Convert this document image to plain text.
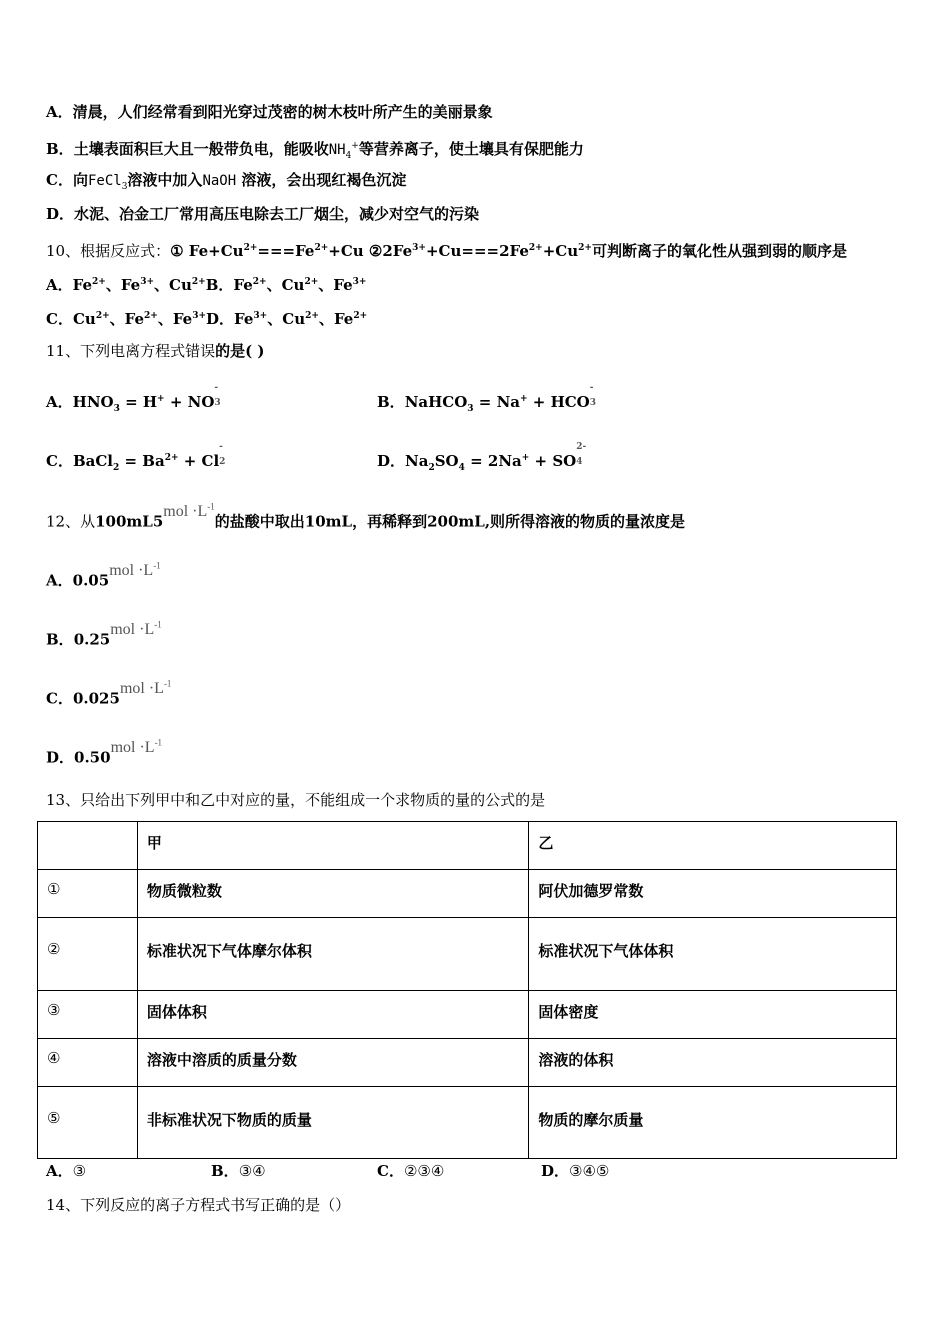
A．清晨，人们经常看到阳光穿过茂密的树木枝叶所产生的美丽景象
B．土壤表面积巨大且一般带负电，能吸收$NH_4^+$等营养离子，使土壤具有保肥能力
C．向FeCl$_3$溶液中加入NaOH 溶液，会出现红褐色沉淀
D．水泥、冶金工厂常用高压电除去工厂烟尘，减少对空气的污染
10、根据反应式：① $Fe+Cu^{2+}===Fe^{2+}+Cu$ $②2Fe^{3+}+Cu===2Fe^{2+}+Cu^{2+}$可判断离子的氧化性从强到弱的顺序是
A．$Fe^{2+}$、$Fe^{3+}$、$Cu^{2+}B$．$Fe^{2+}$、$Cu^{2+}$、$Fe^{3+}$
C．$Cu^{2+}$、$Fe^{2+}$、$Fe^{3+}D$．$Fe^{3+}$、$Cu^{2+}$、$Fe^{2+}$
11、下列电离方程式错误的是( )
A．$HNO_3 = H^+$ + NO
-
3	B．NaHCO$_3$ = Na+ + HCO
-
3
C．BaCl$_2$ = $Ba^{2+} + Cl$
-
2	D．$Na_2SO_4 = 2Na^+$ + SO
2-
4
12、从$100mL5mol \cdot L^{-1}$的盐酸中取出10mL，再稀释到200mL,则所得溶液的物质的量浓度是
A．$0.05mol \cdot L^{-1}$
B．$0.25mol \cdot L^{-1}$
C．$0.025mol \cdot L^{-1}$
D．$0.50mol \cdot L^{-1}$
13、只给出下列甲中和乙中对应的量，不能组成一个求物质的量的公式的是
	甲	乙
①	物质微粒数	阿伏加德罗常数
②	标准状况下气体摩尔体积	标准状况下气体体积
③	固体体积	固体密度
④	溶液中溶质的质量分数	溶液的体积
⑤	非标准状况下物质的质量	物质的摩尔质量
A．③	B．③④	C．②③④	D．③④⑤
14、下列反应的离子方程式书写正确的是（）
